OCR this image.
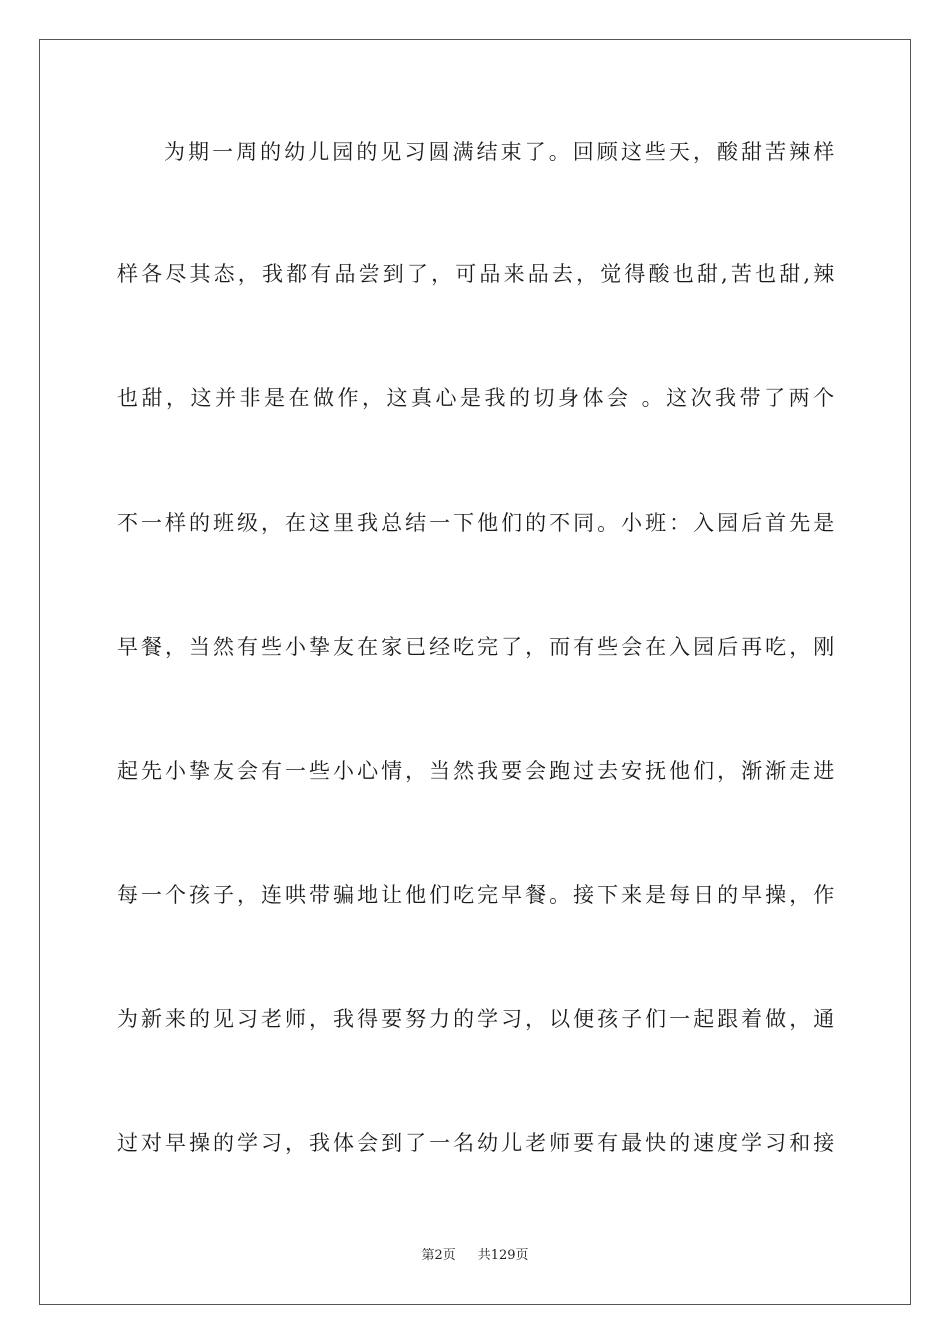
为期一周的幼儿园的见习圆满结束了。回顾这些天，酸甜苦辣样
样各尽其态，我都有品尝到了，可品来品去，觉得酸也甜,苦也甜,辣
也甜，这并非是在做作，这真心是我的切身体会 。这次我带了两个
不一样的班级，在这里我总结一下他们的不同。小班：入园后首先是
早餐，当然有些小挚友在家已经吃完了，而有些会在入园后再吃，刚
起先小挚友会有一些小心情，当然我要会跑过去安抚他们，渐渐走进
每一个孩子，连哄带骗地让他们吃完早餐。接下来是每日的早操，作
为新来的见习老师，我得要努力的学习，以便孩子们一起跟着做，通
过对早操的学习，我体会到了一名幼儿老师要有最快的速度学习和接
第2页 共129页
